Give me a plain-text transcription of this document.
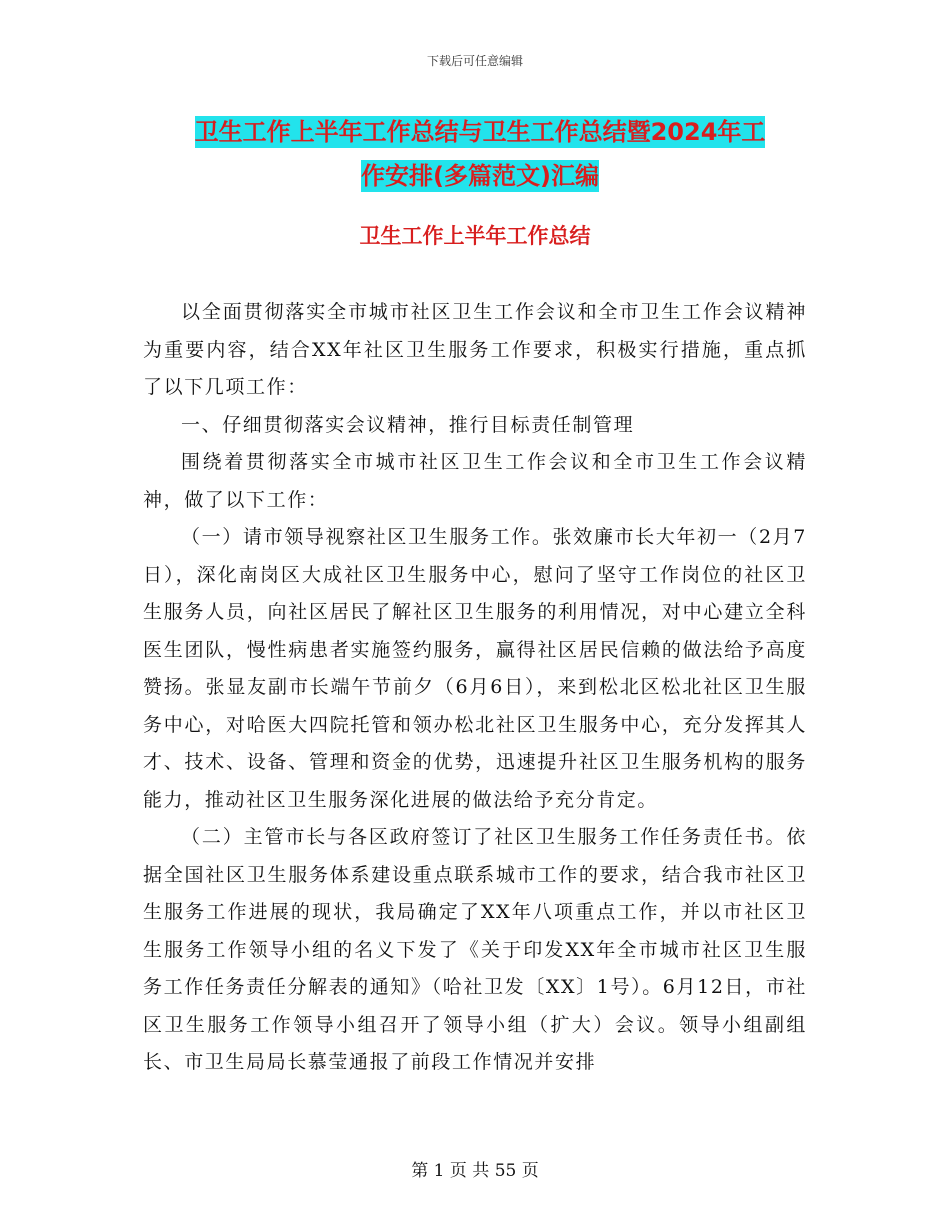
下载后可任意编辑
卫生工作上半年工作总结与卫生工作总结暨2024年工
作安排(多篇范文)汇编
卫生工作上半年工作总结

以全面贯彻落实全市城市社区卫生工作会议和全市卫生工作会议精神为重要内容，结合XX年社区卫生服务工作要求，积极实行措施，重点抓了以下几项工作：

一、仔细贯彻落实会议精神，推行目标责任制管理

围绕着贯彻落实全市城市社区卫生工作会议和全市卫生工作会议精神，做了以下工作：

（一）请市领导视察社区卫生服务工作。张效廉市长大年初一（2月7日），深化南岗区大成社区卫生服务中心，慰问了坚守工作岗位的社区卫生服务人员，向社区居民了解社区卫生服务的利用情况，对中心建立全科医生团队，慢性病患者实施签约服务，赢得社区居民信赖的做法给予高度赞扬。张显友副市长端午节前夕（6月6日），来到松北区松北社区卫生服务中心，对哈医大四院托管和领办松北社区卫生服务中心，充分发挥其人才、技术、设备、管理和资金的优势，迅速提升社区卫生服务机构的服务能力，推动社区卫生服务深化进展的做法给予充分肯定。

（二）主管市长与各区政府签订了社区卫生服务工作任务责任书。依据全国社区卫生服务体系建设重点联系城市工作的要求，结合我市社区卫生服务工作进展的现状，我局确定了XX年八项重点工作，并以市社区卫生服务工作领导小组的名义下发了《关于印发XX年全市城市社区卫生服务工作任务责任分解表的通知》（哈社卫发〔XX〕1号）。6月12日，市社区卫生服务工作领导小组召开了领导小组（扩大）会议。领导小组副组长、市卫生局局长慕莹通报了前段工作情况并安排

第 1 页 共 55 页
